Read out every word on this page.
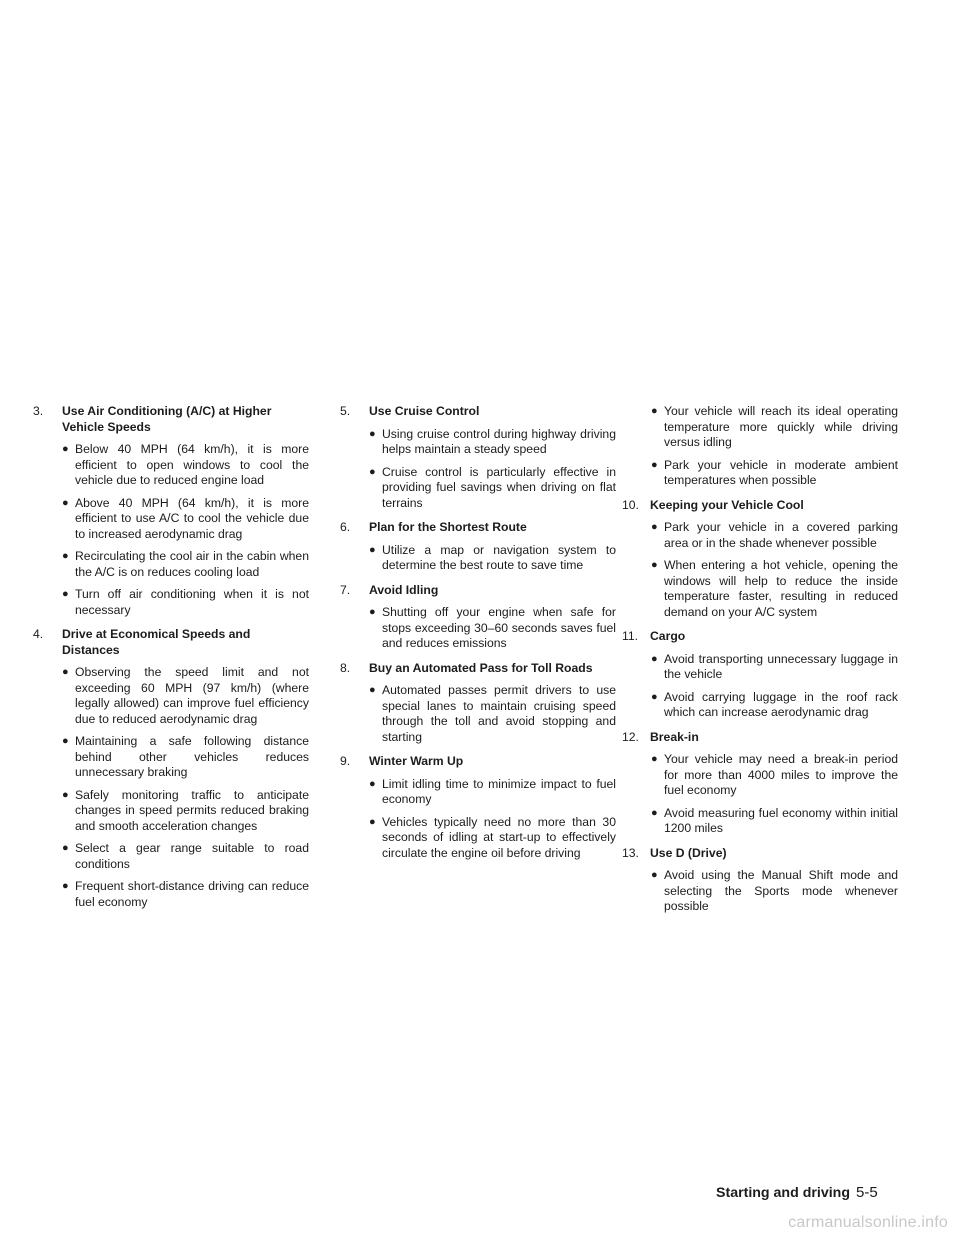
3.	Use Air Conditioning (A/C) at Higher Vehicle Speeds
● Below 40 MPH (64 km/h), it is more efficient to open windows to cool the vehicle due to reduced engine load
● Above 40 MPH (64 km/h), it is more efficient to use A/C to cool the vehicle due to increased aerodynamic drag
● Recirculating the cool air in the cabin when the A/C is on reduces cooling load
● Turn off air conditioning when it is not necessary
4.	Drive at Economical Speeds and Distances
● Observing the speed limit and not exceeding 60 MPH (97 km/h) (where legally allowed) can improve fuel efficiency due to reduced aerodynamic drag
● Maintaining a safe following distance behind other vehicles reduces unnecessary braking
● Safely monitoring traffic to anticipate changes in speed permits reduced braking and smooth acceleration changes
● Select a gear range suitable to road conditions
● Frequent short-distance driving can reduce fuel economy
5.	Use Cruise Control
● Using cruise control during highway driving helps maintain a steady speed
● Cruise control is particularly effective in providing fuel savings when driving on flat terrains
6.	Plan for the Shortest Route
● Utilize a map or navigation system to determine the best route to save time
7.	Avoid Idling
● Shutting off your engine when safe for stops exceeding 30–60 seconds saves fuel and reduces emissions
8.	Buy an Automated Pass for Toll Roads
● Automated passes permit drivers to use special lanes to maintain cruising speed through the toll and avoid stopping and starting
9.	Winter Warm Up
● Limit idling time to minimize impact to fuel economy
● Vehicles typically need no more than 30 seconds of idling at start-up to effectively circulate the engine oil before driving
● Your vehicle will reach its ideal operating temperature more quickly while driving versus idling
● Park your vehicle in moderate ambient temperatures when possible
10. Keeping your Vehicle Cool
● Park your vehicle in a covered parking area or in the shade whenever possible
● When entering a hot vehicle, opening the windows will help to reduce the inside temperature faster, resulting in reduced demand on your A/C system
11. Cargo
● Avoid transporting unnecessary luggage in the vehicle
● Avoid carrying luggage in the roof rack which can increase aerodynamic drag
12. Break-in
● Your vehicle may need a break-in period for more than 4000 miles to improve the fuel economy
● Avoid measuring fuel economy within initial 1200 miles
13. Use D (Drive)
● Avoid using the Manual Shift mode and selecting the Sports mode whenever possible
Starting and driving 5-5
carmanualsonline.info
